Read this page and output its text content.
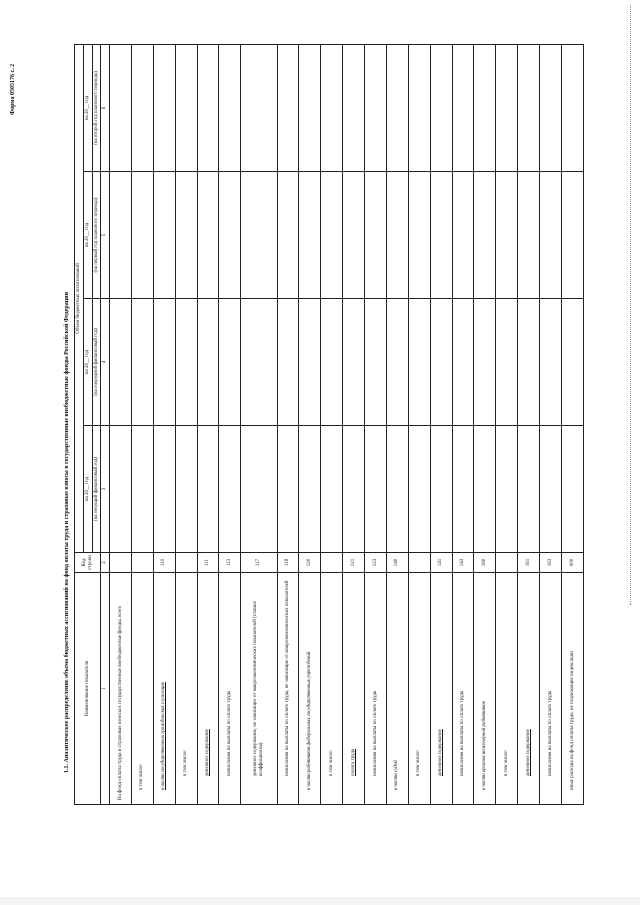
Форма 0505176 с. 2
1.1. Аналитическое распределение объема бюджетных ассигнований на фонд оплаты труда и страховые взносы в государственные внебюджетные фонды Российской Федерации	Наименование показателя	Код строки	Объем бюджетных ассигнований			
		на 20__ год	на 20__ год	на 20__ год	на 20__ год
		(на текущий финансовый год)	(на очередной финансовый год)	(на первый год планового периода)	(на второй год планового периода)
1	2	3	4	5	6
На фонд оплаты труда и страховые взносы в государственные внебюджетные фонды, всего					
в том числе:					
в части государственных гражданских служащих	110				
в том числе:					
денежное содержание	111				
начисления на выплаты по оплате труда	113				
денежное содержание, не зависящее от макроэкономических показателей (ставки/коэффициенты)	117				
начисления на выплаты по оплате труда, не зависящие от макроэкономических показателей	118				
в части работников федеральных государственных учреждений	120				
в том числе:					
оплата труда	121				
начисления на выплаты по оплате труда	123				
в части судей	140				
в том числе:					
денежное содержание	141				
начисления на выплаты по оплате труда	143				
в части органов инженерной работников	160				
в том числе:					
денежное содержание	161				
начисления на выплаты по оплате труда	163				
иные расходы на фонд оплаты труда, не подлежащие индексации	000				
